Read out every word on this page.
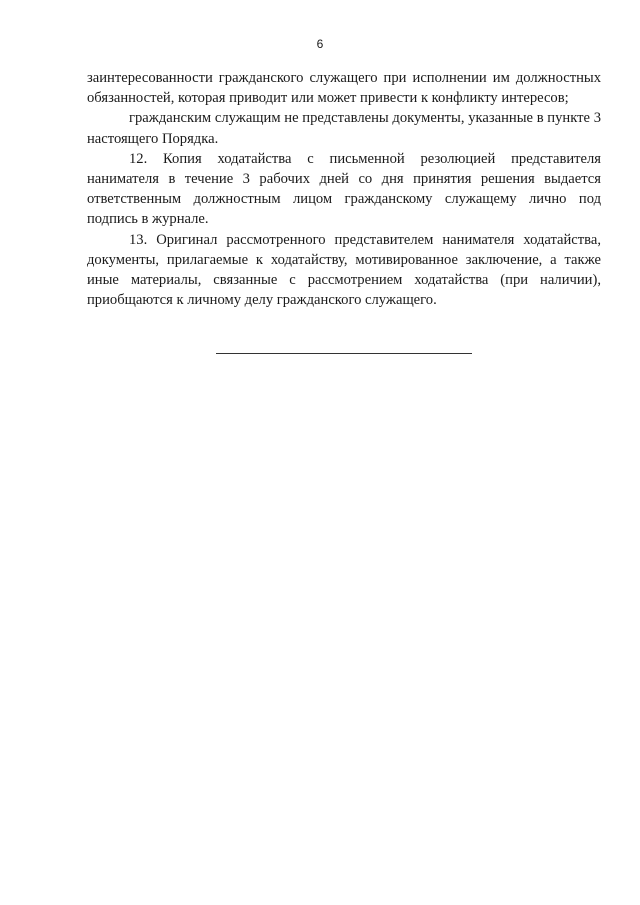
6

заинтересованности гражданского служащего при исполнении им должностных обязанностей, которая приводит или может привести к конфликту интересов;

гражданским служащим не представлены документы, указанные в пункте 3 настоящего Порядка.

12. Копия ходатайства с письменной резолюцией представителя нанимателя в течение 3 рабочих дней со дня принятия решения выдается ответственным должностным лицом гражданскому служащему лично под подпись в журнале.

13. Оригинал рассмотренного представителем нанимателя ходатайства, документы, прилагаемые к ходатайству, мотивированное заключение, а также иные материалы, связанные с рассмотрением ходатайства (при наличии), приобщаются к личному делу гражданского служащего.
